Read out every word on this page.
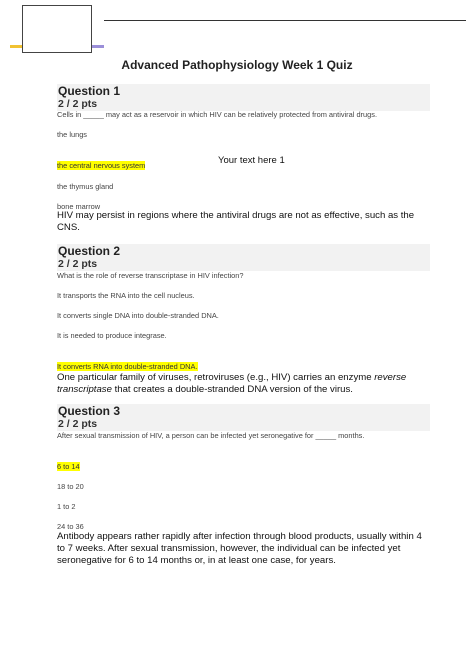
Advanced Pathophysiology Week 1 Quiz
Question 1
2 / 2 pts
Cells in _____ may act as a reservoir in which HIV can be relatively protected from antiviral drugs.
the lungs
the central nervous system
the thymus gland
bone marrow
HIV may persist in regions where the antiviral drugs are not as effective, such as the CNS.
Your text here 1
Question 2
2 / 2 pts
What is the role of reverse transcriptase in HIV infection?
It transports the RNA into the cell nucleus.
It converts single DNA into double-stranded DNA.
It is needed to produce integrase.
It converts RNA into double-stranded DNA.
One particular family of viruses, retroviruses (e.g., HIV) carries an enzyme reverse transcriptase that creates a double-stranded DNA version of the virus.
Question 3
2 / 2 pts
After sexual transmission of HIV, a person can be infected yet seronegative for _____ months.
6 to 14
18 to 20
1 to 2
24 to 36
Antibody appears rather rapidly after infection through blood products, usually within 4 to 7 weeks. After sexual transmission, however, the individual can be infected yet seronegative for 6 to 14 months or, in at least one case, for years.
